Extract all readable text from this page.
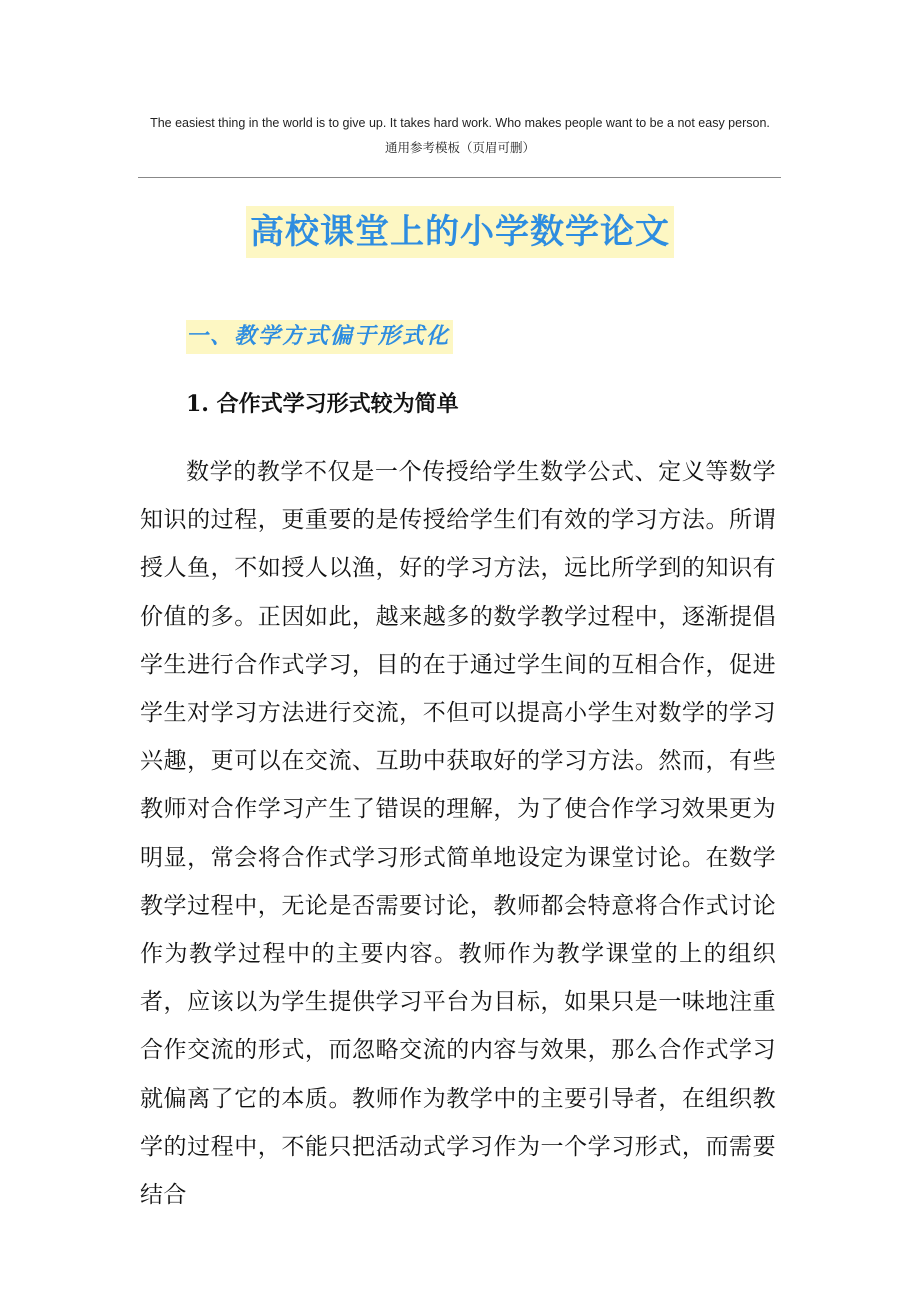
The easiest thing in the world is to give up. It takes hard work. Who makes people want to be a not easy person.
通用参考模板（页眉可删）
高校课堂上的小学数学论文
一、教学方式偏于形式化
1. 合作式学习形式较为简单

数学的教学不仅是一个传授给学生数学公式、定义等数学知识的过程，更重要的是传授给学生们有效的学习方法。所谓授人鱼，不如授人以渔，好的学习方法，远比所学到的知识有价值的多。正因如此，越来越多的数学教学过程中，逐渐提倡学生进行合作式学习，目的在于通过学生间的互相合作，促进学生对学习方法进行交流，不但可以提高小学生对数学的学习兴趣，更可以在交流、互助中获取好的学习方法。然而，有些教师对合作学习产生了错误的理解，为了使合作学习效果更为明显，常会将合作式学习形式简单地设定为课堂讨论。在数学教学过程中，无论是否需要讨论，教师都会特意将合作式讨论作为教学过程中的主要内容。教师作为教学课堂的上的组织者，应该以为学生提供学习平台为目标，如果只是一味地注重合作交流的形式，而忽略交流的内容与效果，那么合作式学习就偏离了它的本质。教师作为教学中的主要引导者，在组织教学的过程中，不能只把活动式学习作为一个学习形式，而需要结合
